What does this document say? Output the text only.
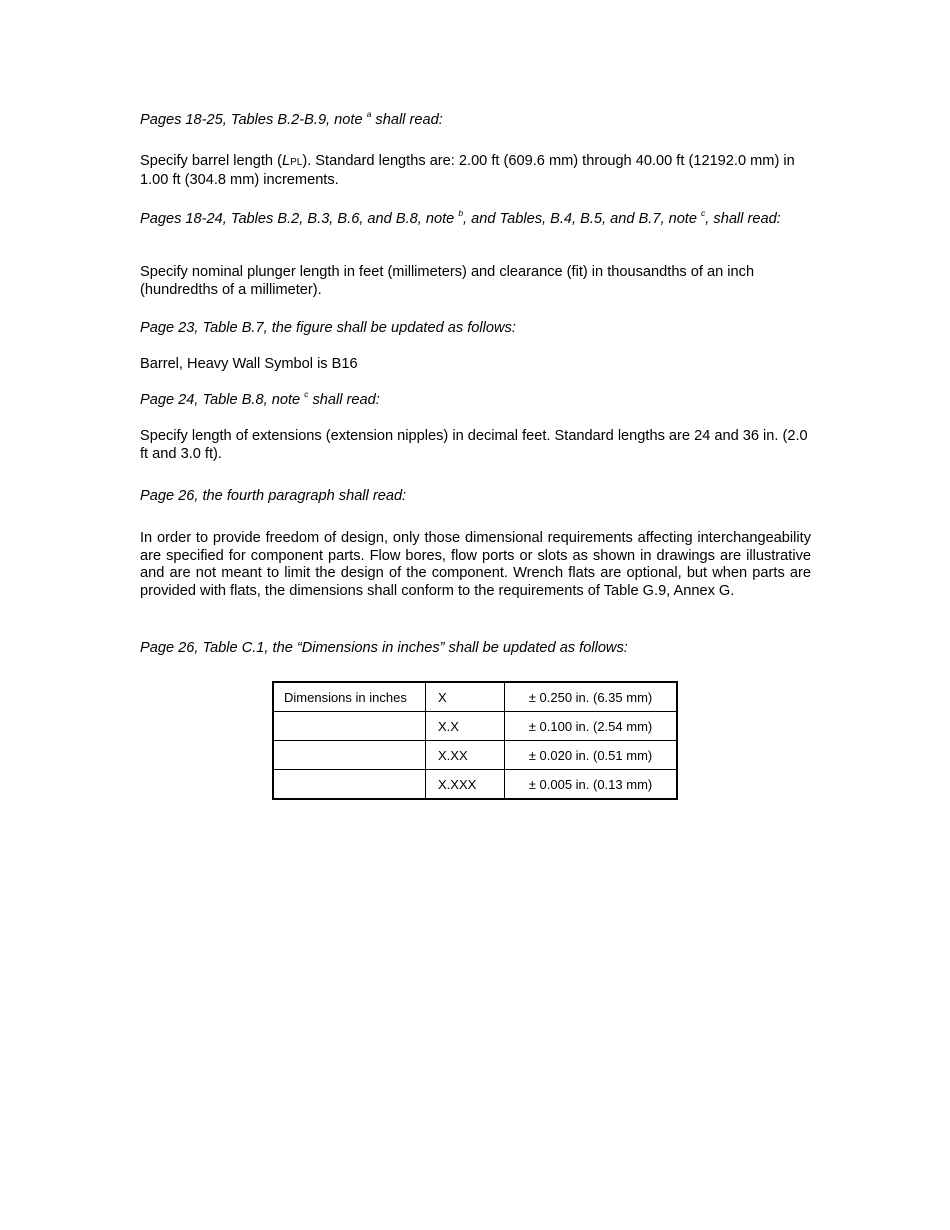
Pages 18-25, Tables B.2-B.9, note $^a$ shall read:

Specify barrel length (LPL). Standard lengths are: 2.00 ft (609.6 mm) through 40.00 ft (12192.0 mm) in 1.00 ft (304.8 mm) increments.

Pages 18-24, Tables B.2, B.3, B.6, and B.8, note $^b$, and Tables, B.4, B.5, and B.7, note $^c$, shall read:

Specify nominal plunger length in feet (millimeters) and clearance (fit) in thousandths of an inch (hundredths of a millimeter).

Page 23, Table B.7, the figure shall be updated as follows:

Barrel, Heavy Wall Symbol is B16

Page 24, Table B.8, note $^c$ shall read:

Specify length of extensions (extension nipples) in decimal feet. Standard lengths are 24 and 36 in. (2.0 ft and 3.0 ft).

Page 26, the fourth paragraph shall read:

In order to provide freedom of design, only those dimensional requirements affecting interchangeability are specified for component parts. Flow bores, flow ports or slots as shown in drawings are illustrative and are not meant to limit the design of the component. Wrench flats are optional, but when parts are provided with flats, the dimensions shall conform to the requirements of Table G.9, Annex G.

Page 26, Table C.1, the “Dimensions in inches” shall be updated as follows:

Dimensions in inches	X	± 0.250 in. (6.35 mm)
	X.X	± 0.100 in. (2.54 mm)
	X.XX	± 0.020 in. (0.51 mm)
	X.XXX	± 0.005 in. (0.13 mm)
